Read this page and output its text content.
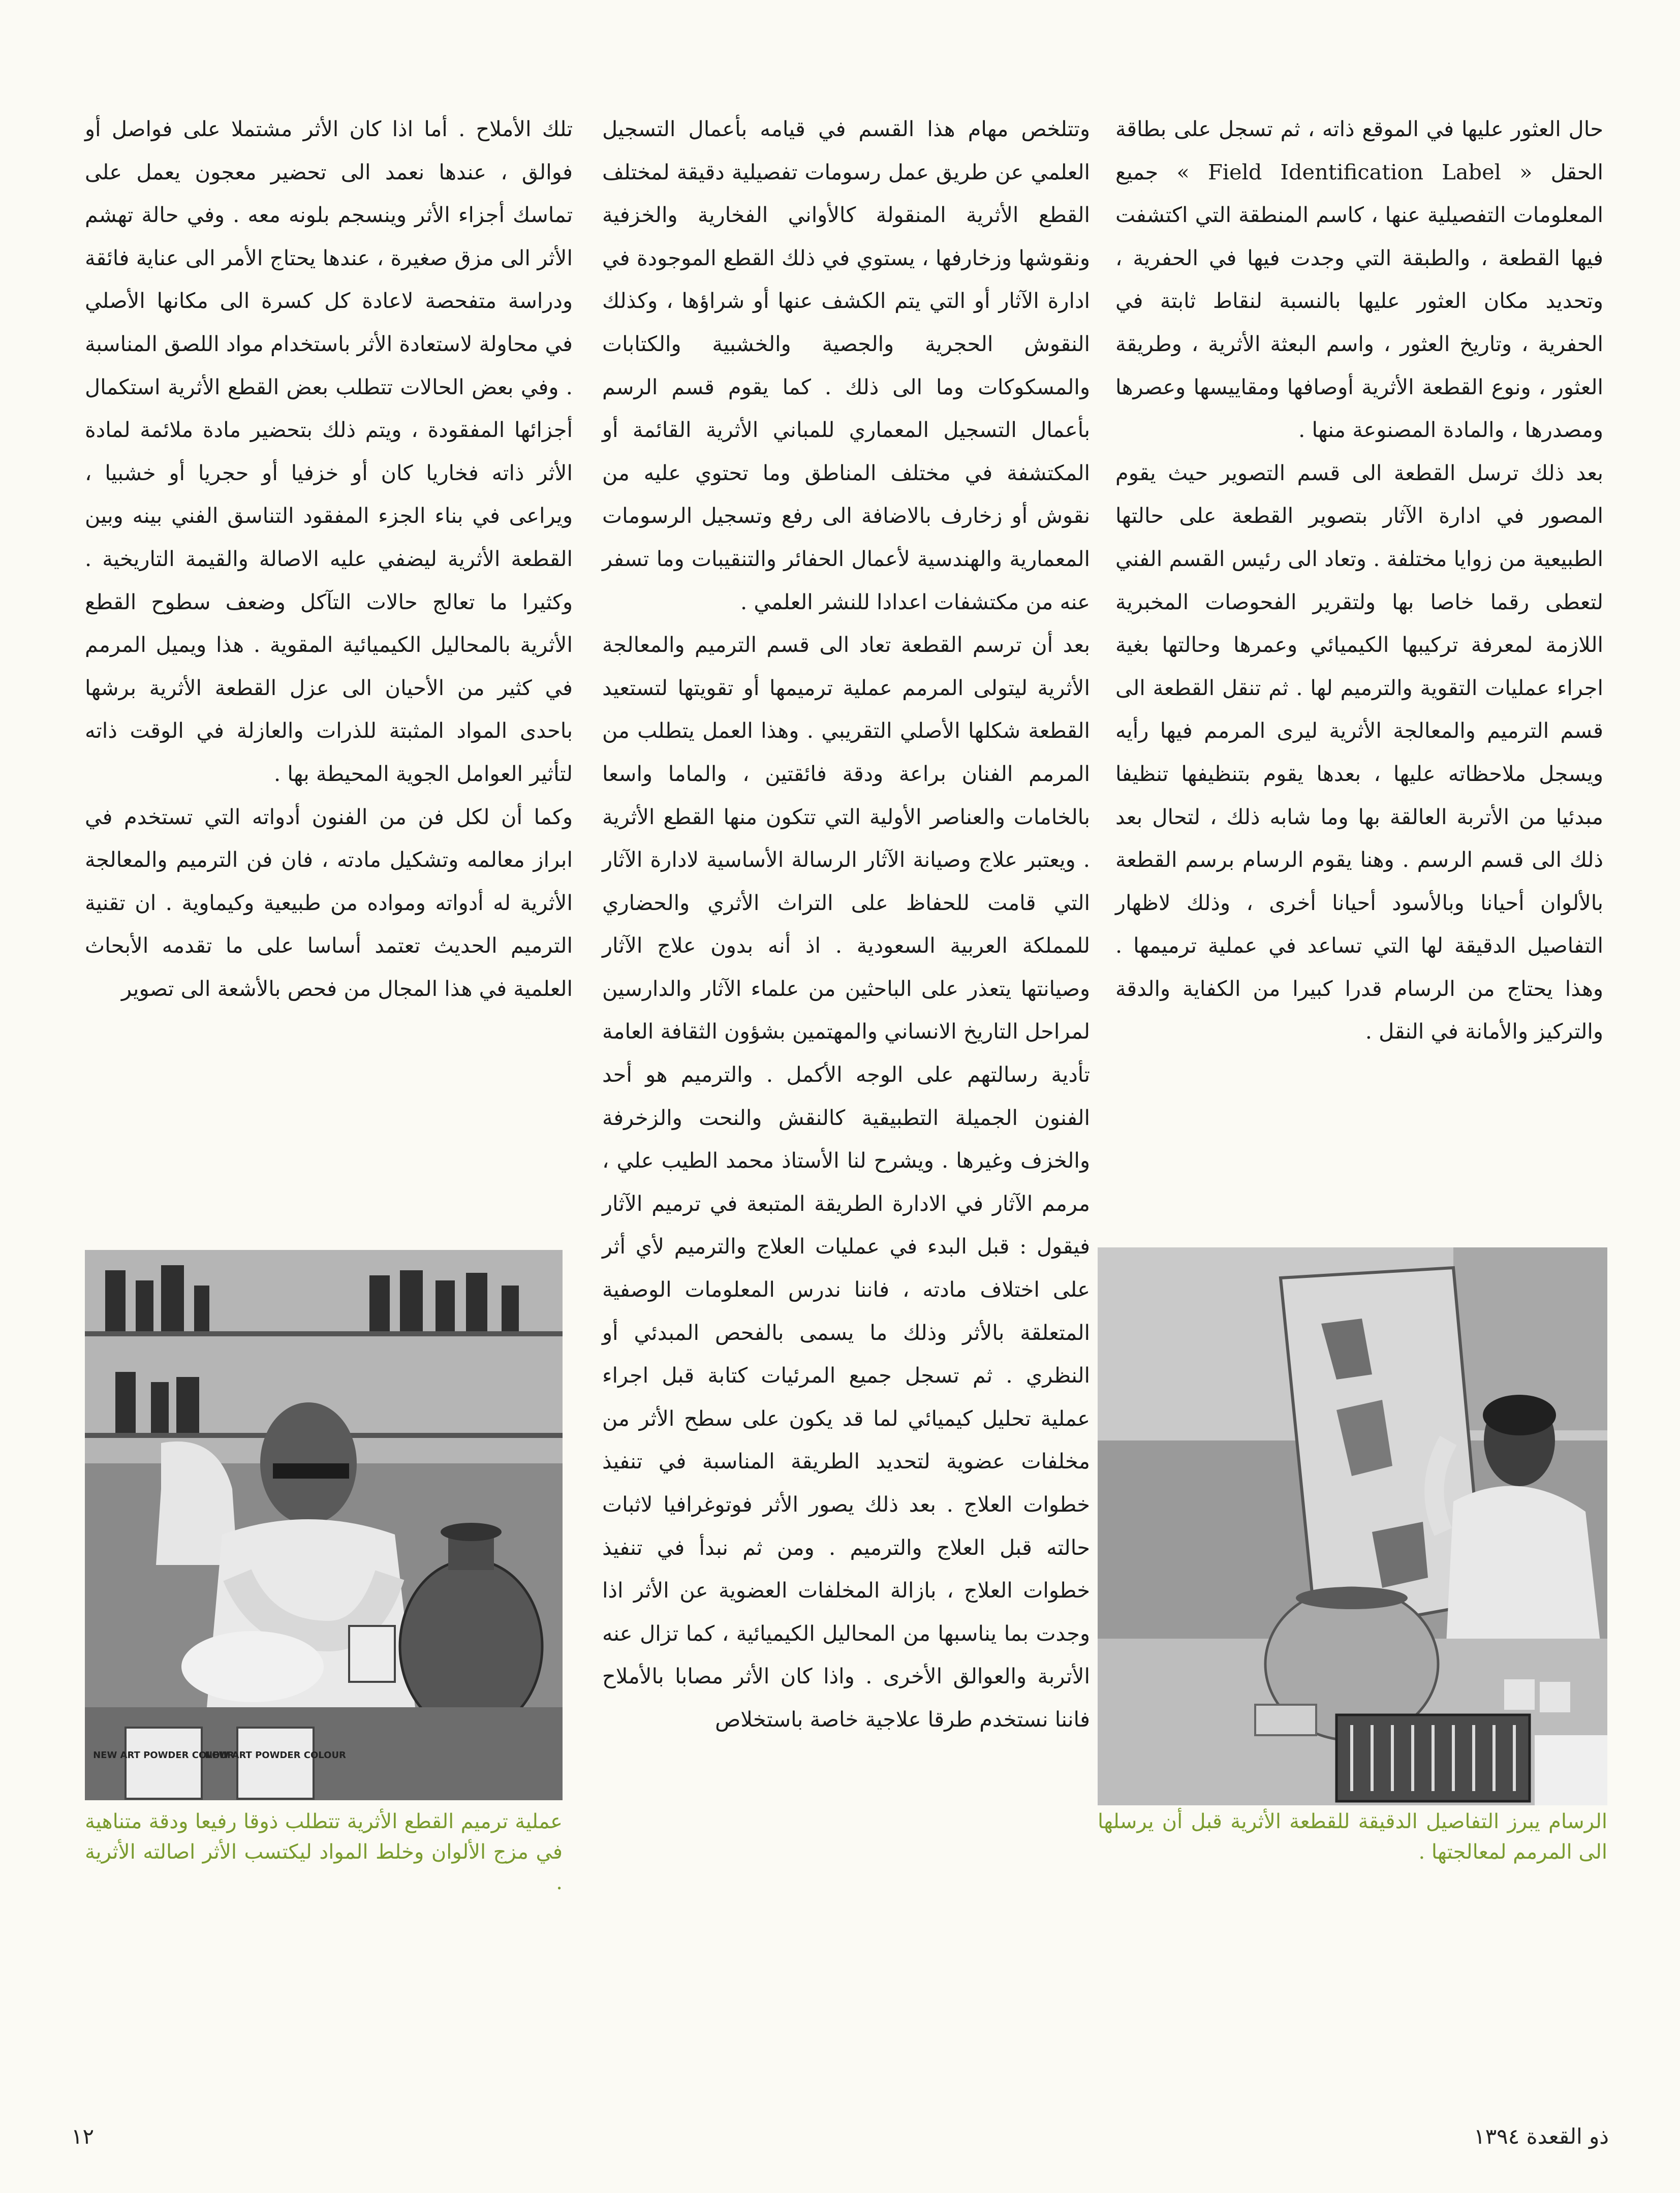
حال العثور عليها في الموقع ذاته ، ثم تسجل على بطاقة الحقل « Field Identification Label » جميع المعلومات التفصيلية عنها ، كاسم المنطقة التي اكتشفت فيها القطعة ، والطبقة التي وجدت فيها في الحفرية ، وتحديد مكان العثور عليها بالنسبة لنقاط ثابتة في الحفرية ، وتاريخ العثور ، واسم البعثة الأثرية ، وطريقة العثور ، ونوع القطعة الأثرية أوصافها ومقاييسها وعصرها ومصدرها ، والمادة المصنوعة منها .

بعد ذلك ترسل القطعة الى قسم التصوير حيث يقوم المصور في ادارة الآثار بتصوير القطعة على حالتها الطبيعية من زوايا مختلفة . وتعاد الى رئيس القسم الفني لتعطى رقما خاصا بها ولتقرير الفحوصات المخبرية اللازمة لمعرفة تركيبها الكيميائي وعمرها وحالتها بغية اجراء عمليات التقوية والترميم لها . ثم تنقل القطعة الى قسم الترميم والمعالجة الأثرية ليرى المرمم فيها رأيه ويسجل ملاحظاته عليها ، بعدها يقوم بتنظيفها تنظيفا مبدئيا من الأتربة العالقة بها وما شابه ذلك ، لتحال بعد ذلك الى قسم الرسم . وهنا يقوم الرسام برسم القطعة بالألوان أحيانا وبالأسود أحيانا أخرى ، وذلك لاظهار التفاصيل الدقيقة لها التي تساعد في عملية ترميمها . وهذا يحتاج من الرسام قدرا كبيرا من الكفاية والدقة والتركيز والأمانة في النقل .

وتتلخص مهام هذا القسم في قيامه بأعمال التسجيل العلمي عن طريق عمل رسومات تفصيلية دقيقة لمختلف القطع الأثرية المنقولة كالأواني الفخارية والخزفية ونقوشها وزخارفها ، يستوي في ذلك القطع الموجودة في ادارة الآثار أو التي يتم الكشف عنها أو شراؤها ، وكذلك النقوش الحجرية والجصية والخشبية والكتابات والمسكوكات وما الى ذلك . كما يقوم قسم الرسم بأعمال التسجيل المعماري للمباني الأثرية القائمة أو المكتشفة في مختلف المناطق وما تحتوي عليه من نقوش أو زخارف بالاضافة الى رفع وتسجيل الرسومات المعمارية والهندسية لأعمال الحفائر والتنقيبات وما تسفر عنه من مكتشفات اعدادا للنشر العلمي .

بعد أن ترسم القطعة تعاد الى قسم الترميم والمعالجة الأثرية ليتولى المرمم عملية ترميمها أو تقويتها لتستعيد القطعة شكلها الأصلي التقريبي . وهذا العمل يتطلب من المرمم الفنان براعة ودقة فائقتين ، والماما واسعا بالخامات والعناصر الأولية التي تتكون منها القطع الأثرية . ويعتبر علاج وصيانة الآثار الرسالة الأساسية لادارة الآثار التي قامت للحفاظ على التراث الأثري والحضاري للمملكة العربية السعودية . اذ أنه بدون علاج الآثار وصيانتها يتعذر على الباحثين من علماء الآثار والدارسين لمراحل التاريخ الانساني والمهتمين بشؤون الثقافة العامة تأدية رسالتهم على الوجه الأكمل . والترميم هو أحد الفنون الجميلة التطبيقية كالنقش والنحت والزخرفة والخزف وغيرها . ويشرح لنا الأستاذ محمد الطيب علي ، مرمم الآثار في الادارة الطريقة المتبعة في ترميم الآثار فيقول : قبل البدء في عمليات العلاج والترميم لأي أثر على اختلاف مادته ، فاننا ندرس المعلومات الوصفية المتعلقة بالأثر وذلك ما يسمى بالفحص المبدئي أو النظري . ثم تسجل جميع المرئيات كتابة قبل اجراء عملية تحليل كيميائي لما قد يكون على سطح الأثر من مخلفات عضوية لتحديد الطريقة المناسبة في تنفيذ خطوات العلاج . بعد ذلك يصور الأثر فوتوغرافيا لاثبات حالته قبل العلاج والترميم . ومن ثم نبدأ في تنفيذ خطوات العلاج ، بازالة المخلفات العضوية عن الأثر اذا وجدت بما يناسبها من المحاليل الكيميائية ، كما تزال عنه الأتربة والعوالق الأخرى . واذا كان الأثر مصابا بالأملاح فاننا نستخدم طرقا علاجية خاصة باستخلاص

تلك الأملاح . أما اذا كان الأثر مشتملا على فواصل أو فوالق ، عندها نعمد الى تحضير معجون يعمل على تماسك أجزاء الأثر وينسجم بلونه معه . وفي حالة تهشم الأثر الى مزق صغيرة ، عندها يحتاج الأمر الى عناية فائقة ودراسة متفحصة لاعادة كل كسرة الى مكانها الأصلي في محاولة لاستعادة الأثر باستخدام مواد اللصق المناسبة . وفي بعض الحالات تتطلب بعض القطع الأثرية استكمال أجزائها المفقودة ، ويتم ذلك بتحضير مادة ملائمة لمادة الأثر ذاته فخاريا كان أو خزفيا أو حجريا أو خشبيا ، ويراعى في بناء الجزء المفقود التناسق الفني بينه وبين القطعة الأثرية ليضفي عليه الاصالة والقيمة التاريخية . وكثيرا ما تعالج حالات التآكل وضعف سطوح القطع الأثرية بالمحاليل الكيميائية المقوية . هذا ويميل المرمم في كثير من الأحيان الى عزل القطعة الأثرية برشها باحدى المواد المثبتة للذرات والعازلة في الوقت ذاته لتأثير العوامل الجوية المحيطة بها .

وكما أن لكل فن من الفنون أدواته التي تستخدم في ابراز معالمه وتشكيل مادته ، فان فن الترميم والمعالجة الأثرية له أدواته ومواده من طبيعية وكيماوية . ان تقنية الترميم الحديث تعتمد أساسا على ما تقدمه الأبحاث العلمية في هذا المجال من فحص بالأشعة الى تصوير

NEW ART POWDER COLOUR
NEW ART POWDER COLOUR

الرسام يبرز التفاصيل الدقيقة للقطعة الأثرية قبل أن يرسلها الى المرمم لمعالجتها .

عملية ترميم القطع الأثرية تتطلب ذوقا رفيعا ودقة متناهية في مزج الألوان وخلط المواد ليكتسب الأثر اصالته الأثرية .

١٢	ذو القعدة ١٣٩٤
